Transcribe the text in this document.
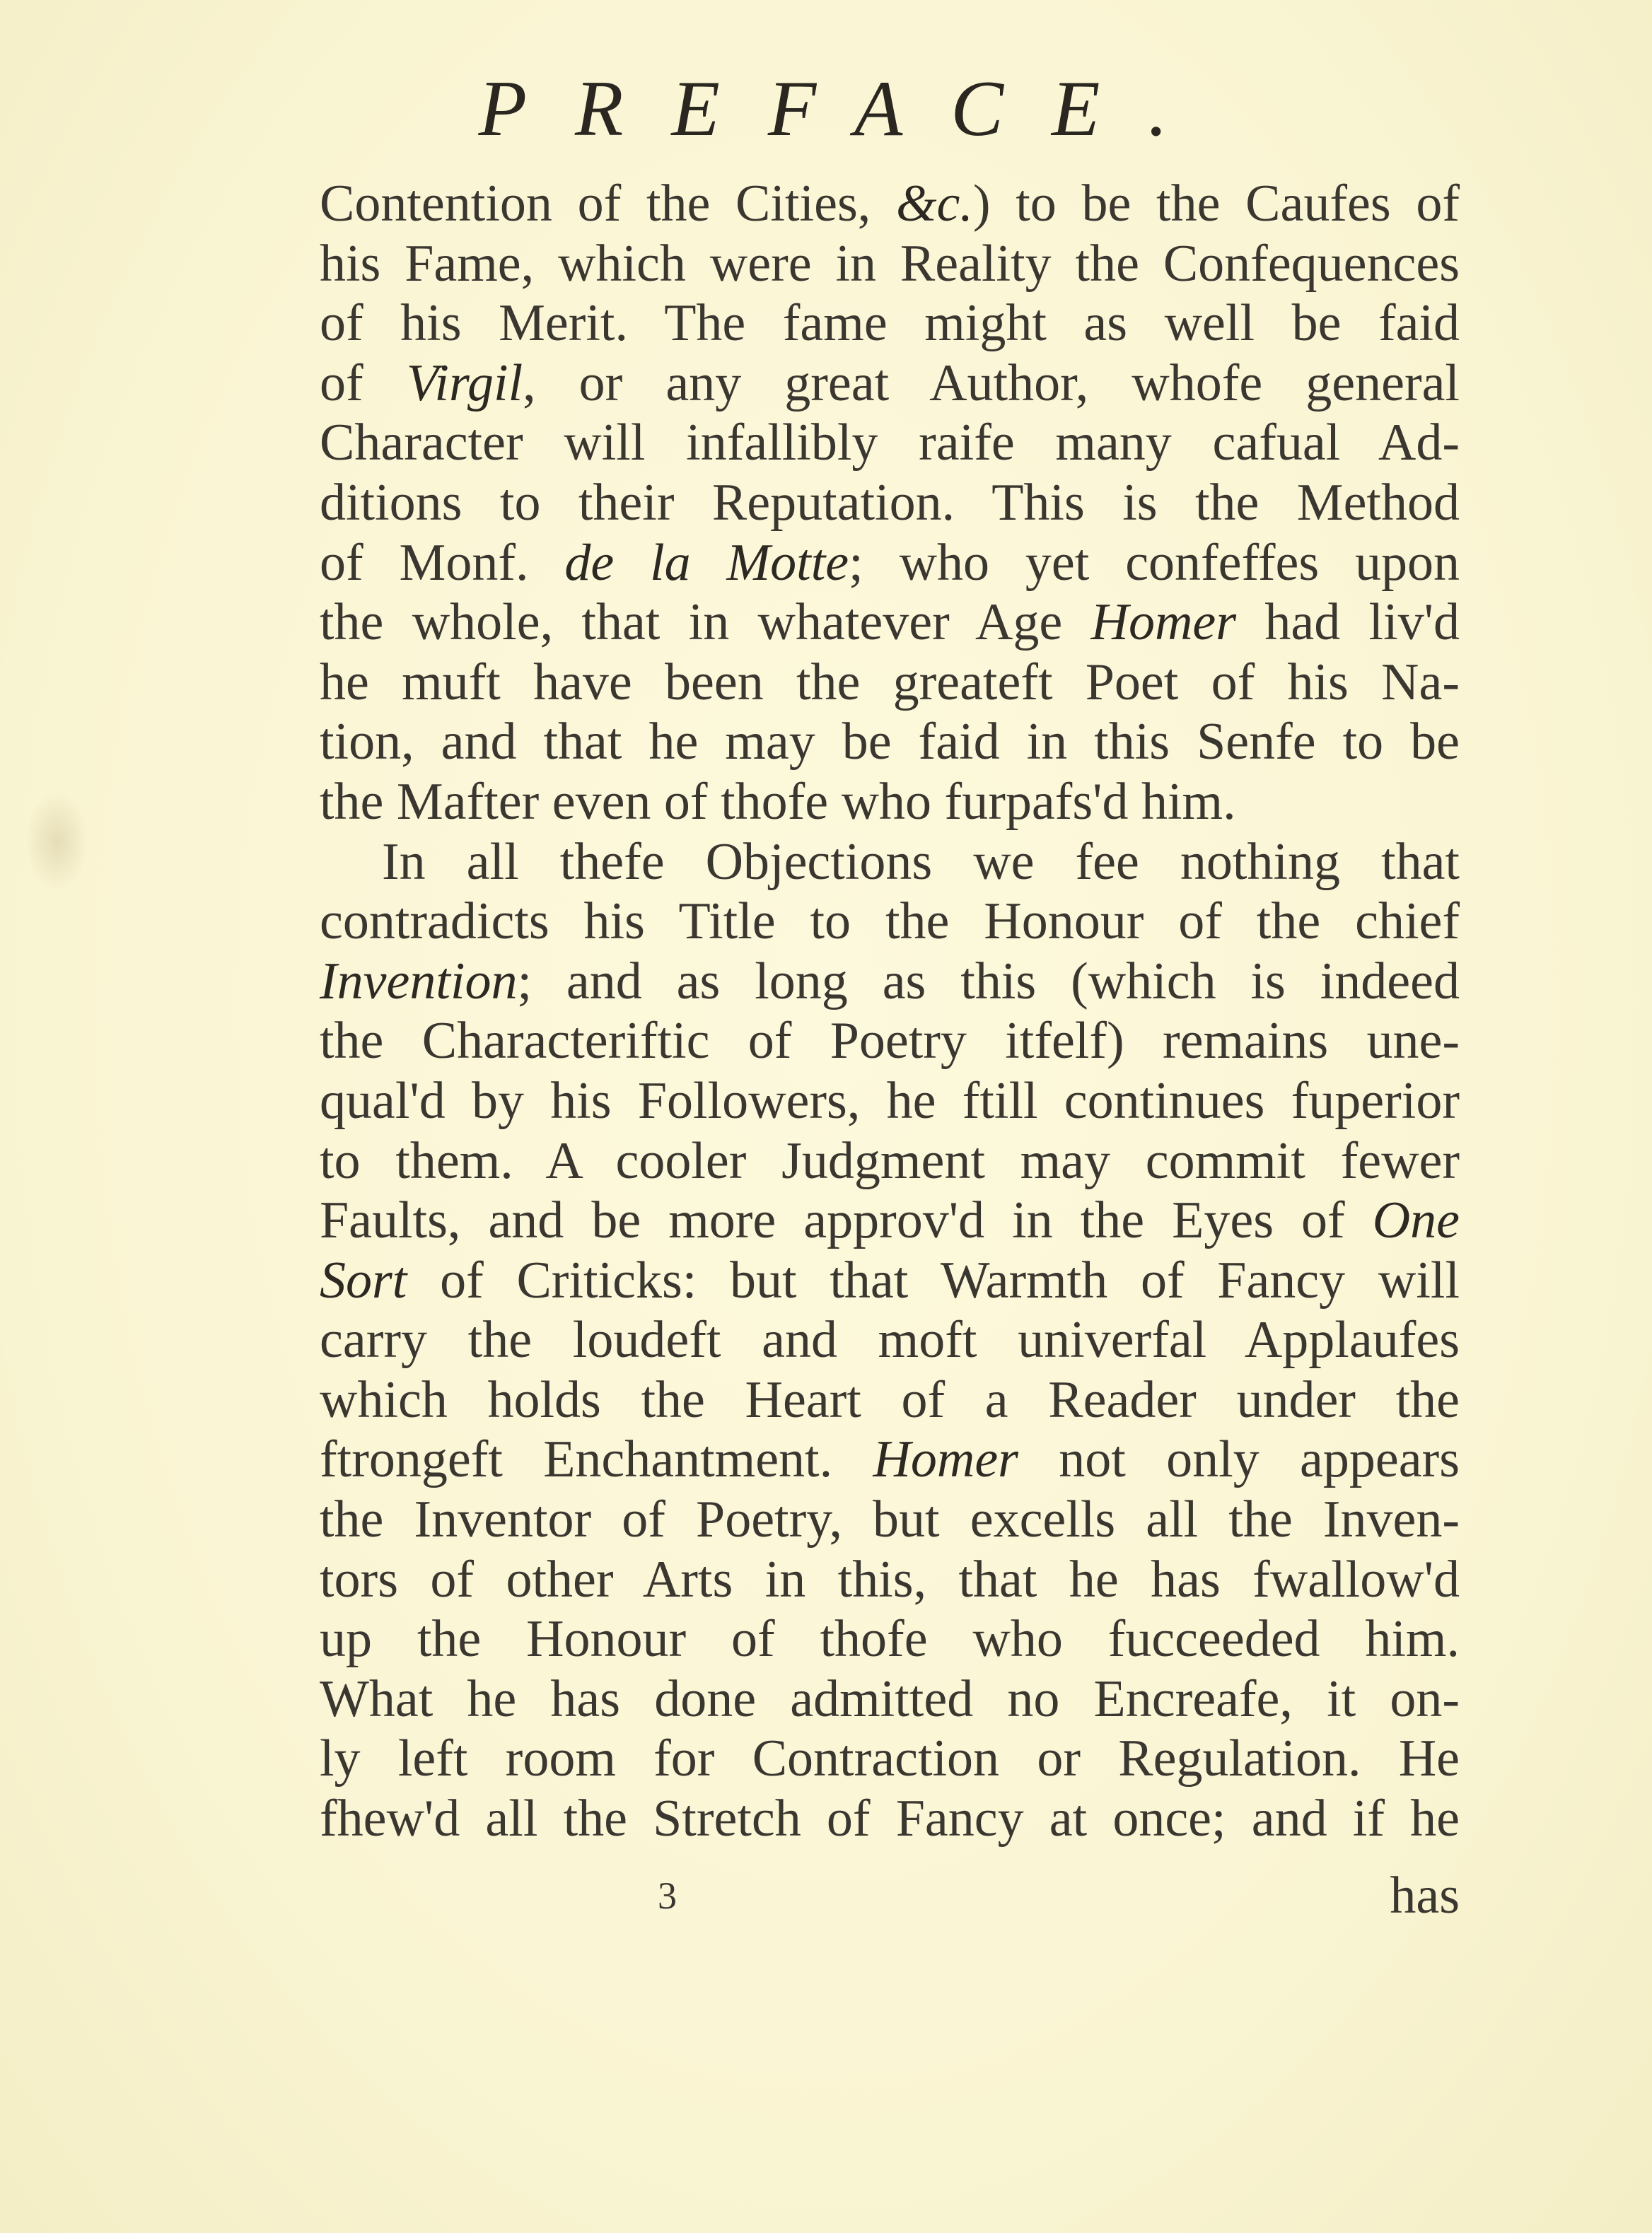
PREFACE.
Contention of the Cities, &c.) to be the Caufes of
his Fame, which were in Reality the Confequences
of his Merit. The fame might as well be faid
of Virgil, or any great Author, whofe general
Character will infallibly raife many cafual Ad-
ditions to their Reputation. This is the Method
of Monf. de la Motte; who yet confeffes upon
the whole, that in whatever Age Homer had liv'd
he muft have been the greateft Poet of his Na-
tion, and that he may be faid in this Senfe to be
the Mafter even of thofe who furpafs'd him.
In all thefe Objections we fee nothing that
contradicts his Title to the Honour of the chief
Invention; and as long as this (which is indeed
the Characteriftic of Poetry itfelf) remains une-
qual'd by his Followers, he ftill continues fuperior
to them. A cooler Judgment may commit fewer
Faults, and be more approv'd in the Eyes of One
Sort of Criticks: but that Warmth of Fancy will
carry the loudeft and moft univerfal Applaufes
which holds the Heart of a Reader under the
ftrongeft Enchantment. Homer not only appears
the Inventor of Poetry, but excells all the Inven-
tors of other Arts in this, that he has fwallow'd
up the Honour of thofe who fucceeded him.
What he has done admitted no Encreafe, it on-
ly left room for Contraction or Regulation. He
fhew'd all the Stretch of Fancy at once; and if he
3	has
